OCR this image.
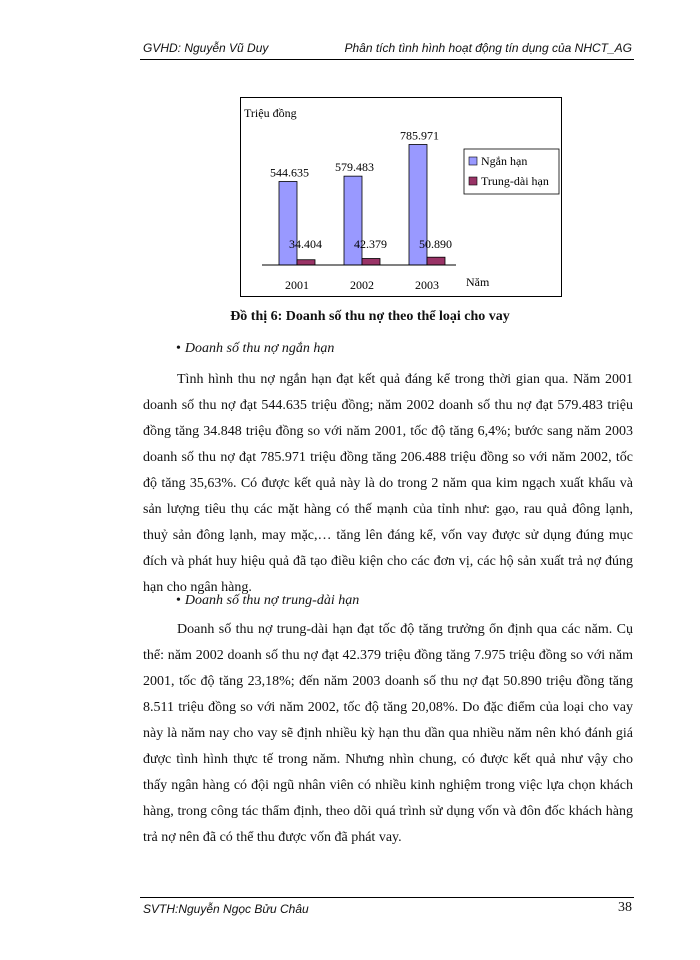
GVHD: Nguyễn Vũ Duy	Phân tích tình hình hoạt động tín dụng của NHCT_AG
Triệu đồng
544.635
34.404
2001
579.483
42.379
2002
785.971
50.890
2003 Năm
Ngắn hạn
Trung-dài hạn
Đồ thị 6: Doanh số thu nợ theo thể loại cho vay
• Doanh số thu nợ ngắn hạn

Tình hình thu nợ ngắn hạn đạt kết quả đáng kể trong thời gian qua. Năm 2001 doanh số thu nợ đạt 544.635 triệu đồng; năm 2002 doanh số thu nợ đạt 579.483 triệu đồng tăng 34.848 triệu đồng so với năm 2001, tốc độ tăng 6,4%; bước sang năm 2003 doanh số thu nợ đạt 785.971 triệu đồng tăng 206.488 triệu đồng so với năm 2002, tốc độ tăng 35,63%. Có được kết quả này là do trong 2 năm qua kim ngạch xuất khẩu và sản lượng tiêu thụ các mặt hàng có thế mạnh của tỉnh như: gạo, rau quả đông lạnh, thuỷ sản đông lạnh, may mặc,… tăng lên đáng kể, vốn vay được sử dụng đúng mục đích và phát huy hiệu quả đã tạo điều kiện cho các đơn vị, các hộ sản xuất trả nợ đúng hạn cho ngân hàng.

• Doanh số thu nợ trung-dài hạn

Doanh số thu nợ trung-dài hạn đạt tốc độ tăng trưởng ổn định qua các năm. Cụ thể: năm 2002 doanh số thu nợ đạt 42.379 triệu đồng tăng 7.975 triệu đồng so với năm 2001, tốc độ tăng 23,18%; đến năm 2003 doanh số thu nợ đạt 50.890 triệu đồng tăng 8.511 triệu đồng so với năm 2002, tốc độ tăng 20,08%. Do đặc điểm của loại cho vay này là năm nay cho vay sẽ định nhiều kỳ hạn thu dần qua nhiều năm nên khó đánh giá được tình hình thực tế trong năm. Nhưng nhìn chung, có được kết quả như vậy cho thấy ngân hàng có đội ngũ nhân viên có nhiều kinh nghiệm trong việc lựa chọn khách hàng, trong công tác thẩm định, theo dõi quá trình sử dụng vốn và đôn đốc khách hàng trả nợ nên đã có thể thu được vốn đã phát vay.

SVTH:Nguyễn Ngọc Bửu Châu	38
